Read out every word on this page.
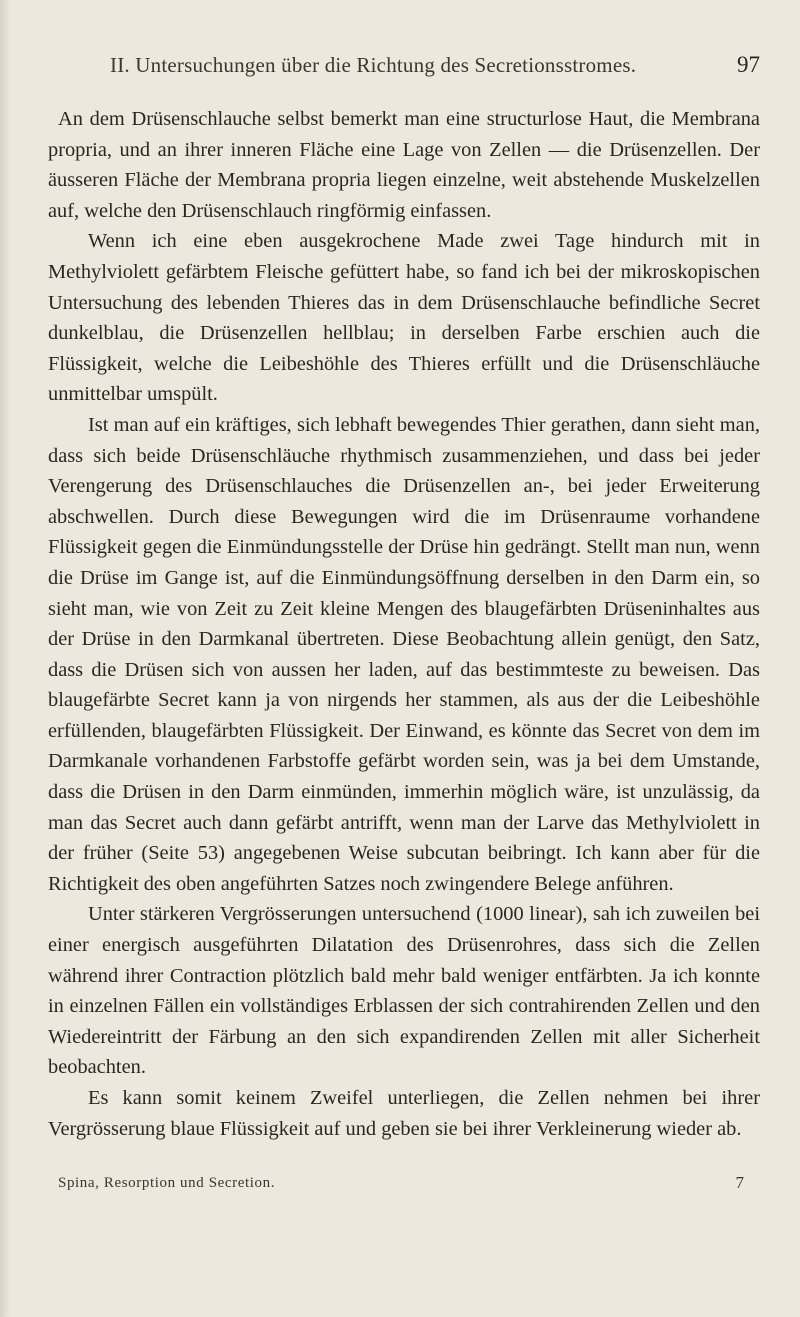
II. Untersuchungen über die Richtung des Secretionsstromes.	97

An dem Drüsenschlauche selbst bemerkt man eine structurlose Haut, die Membrana propria, und an ihrer inneren Fläche eine Lage von Zellen — die Drüsenzellen. Der äusseren Fläche der Membrana propria liegen einzelne, weit abstehende Muskelzellen auf, welche den Drüsenschlauch ringförmig einfassen.

Wenn ich eine eben ausgekrochene Made zwei Tage hindurch mit in Methylviolett gefärbtem Fleische gefüttert habe, so fand ich bei der mikroskopischen Untersuchung des lebenden Thieres das in dem Drüsenschlauche befindliche Secret dunkelblau, die Drüsenzellen hellblau; in derselben Farbe erschien auch die Flüssigkeit, welche die Leibeshöhle des Thieres erfüllt und die Drüsenschläuche unmittelbar umspült.

Ist man auf ein kräftiges, sich lebhaft bewegendes Thier gerathen, dann sieht man, dass sich beide Drüsenschläuche rhythmisch zusammenziehen, und dass bei jeder Verengerung des Drüsenschlauches die Drüsenzellen an-, bei jeder Erweiterung abschwellen. Durch diese Bewegungen wird die im Drüsenraume vorhandene Flüssigkeit gegen die Einmündungsstelle der Drüse hin gedrängt. Stellt man nun, wenn die Drüse im Gange ist, auf die Einmündungsöffnung derselben in den Darm ein, so sieht man, wie von Zeit zu Zeit kleine Mengen des blaugefärbten Drüseninhaltes aus der Drüse in den Darmkanal übertreten. Diese Beobachtung allein genügt, den Satz, dass die Drüsen sich von aussen her laden, auf das bestimmteste zu beweisen. Das blaugefärbte Secret kann ja von nirgends her stammen, als aus der die Leibeshöhle erfüllenden, blaugefärbten Flüssigkeit. Der Einwand, es könnte das Secret von dem im Darmkanale vorhandenen Farbstoffe gefärbt worden sein, was ja bei dem Umstande, dass die Drüsen in den Darm einmünden, immerhin möglich wäre, ist unzulässig, da man das Secret auch dann gefärbt antrifft, wenn man der Larve das Methylviolett in der früher (Seite 53) angegebenen Weise subcutan beibringt. Ich kann aber für die Richtigkeit des oben angeführten Satzes noch zwingendere Belege anführen.

Unter stärkeren Vergrösserungen untersuchend (1000 linear), sah ich zuweilen bei einer energisch ausgeführten Dilatation des Drüsenrohres, dass sich die Zellen während ihrer Contraction plötzlich bald mehr bald weniger entfärbten. Ja ich konnte in einzelnen Fällen ein vollständiges Erblassen der sich contrahirenden Zellen und den Wiedereintritt der Färbung an den sich expandirenden Zellen mit aller Sicherheit beobachten.

Es kann somit keinem Zweifel unterliegen, die Zellen nehmen bei ihrer Vergrösserung blaue Flüssigkeit auf und geben sie bei ihrer Verkleinerung wieder ab.

Spina, Resorption und Secretion.	7
